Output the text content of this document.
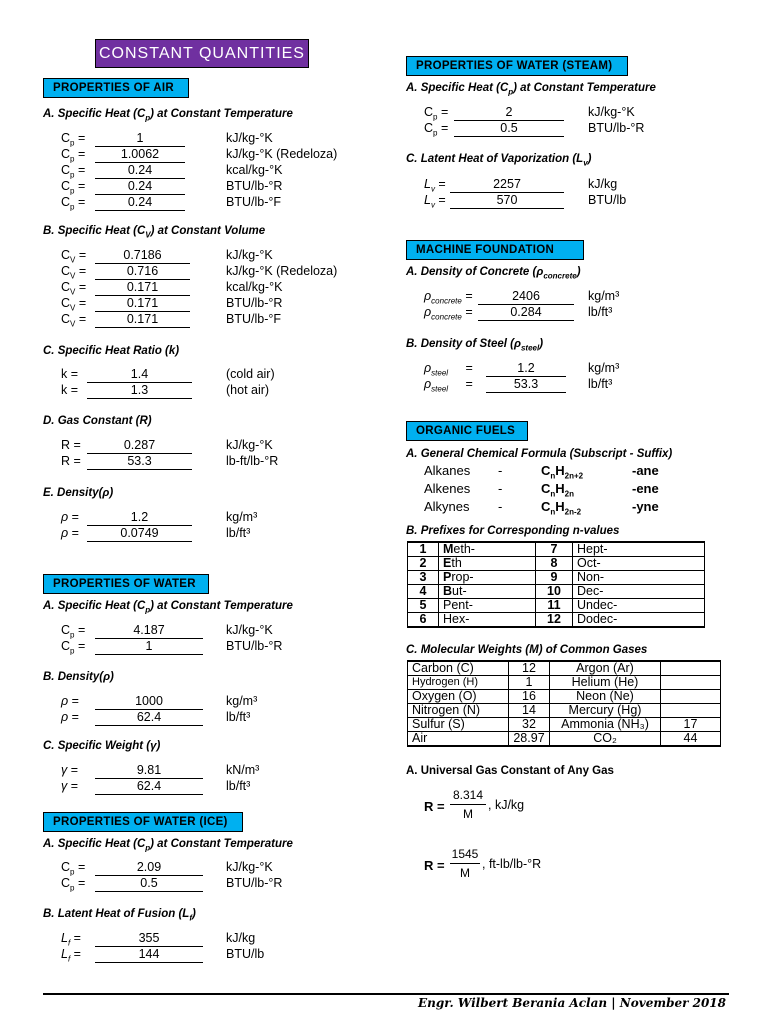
CONSTANT QUANTITIES
PROPERTIES OF AIR
A. Specific Heat $(C_p)$ at Constant Temperature
$C_p$ =	1	kJ/kg-°K
$C_p$ =	1.0062	kJ/kg-°K (Redeloza)
$C_p$ =	0.24	kcal/kg-°K
$C_p$ =	0.24	BTU/lb-°R
$C_p$ =	0.24	BTU/lb-°F
B. Specific Heat $(C_V)$ at Constant Volume
$C_V$ =	0.7186	kJ/kg-°K
$C_V$ =	0.716	kJ/kg-°K (Redeloza)
$C_V$ =	0.171	kcal/kg-°K
$C_V$ =	0.171	BTU/lb-°R
$C_V$ =	0.171	BTU/lb-°F
C. Specific Heat Ratio (k)
k =	1.4	(cold air)
k =	1.3	(hot air)
D. Gas Constant (R)
R =	0.287	kJ/kg-°K
R =	53.3	lb-ft/lb-°R
E. Density(ρ)
ρ =	1.2	kg/m³
ρ =	0.0749	lb/ft³
PROPERTIES OF WATER
A. Specific Heat $(C_p)$ at Constant Temperature
$C_p$ =	4.187	kJ/kg-°K
$C_p$ =	1	BTU/lb-°R
B. Density(ρ)
ρ =	1000	kg/m³
ρ =	62.4	lb/ft³
C. Specific Weight (γ)
γ =	9.81	kN/m³
γ =	62.4	lb/ft³
PROPERTIES OF WATER (ICE)
A. Specific Heat $(C_p)$ at Constant Temperature
$C_p$ =	2.09	kJ/kg-°K
$C_p$ =	0.5	BTU/lb-°R
B. Latent Heat of Fusion $(L_f)$
$L_f$ =	355	kJ/kg
$L_f$ =	144	BTU/lb
PROPERTIES OF WATER (STEAM)
A. Specific Heat $(C_p)$ at Constant Temperature
$C_p$ =	2	kJ/kg-°K
$C_p$ =	0.5	BTU/lb-°R
C. Latent Heat of Vaporization $(L_v)$
$L_v$ =	2257	kJ/kg
$L_v$ =	570	BTU/lb
MACHINE FOUNDATION
A. Density of Concrete $(\rho_{concrete})$
$\rho_{concrete}$ =	2406	kg/m³
$\rho_{concrete}$ =	0.284	lb/ft³
B. Density of Steel $(\rho_{steel})$
$\rho_{steel}$     =	1.2	kg/m³
$\rho_{steel}$     =	53.3	lb/ft³
ORGANIC FUELS
A. General Chemical Formula (Subscript - Suffix)
Alkanes -	$C_nH_{2n+2}$	-ane
Alkenes -	$C_nH_{2n}$	-ene
Alkynes -	$C_nH_{2n-2}$	-yne
B. Prefixes for Corresponding n-values
1	Meth-	7	Hept-
2	Eth	8	Oct-
3	Prop-	9	Non-
4	But-	10	Dec-
5	Pent-	11	Undec-
6	Hex-	12	Dodec-
C. Molecular Weights (M) of Common Gases
Carbon (C)	12	Argon (Ar)	
Hydrogen (H)	1	Helium (He)	
Oxygen (O)	16	Neon (Ne)	
Nitrogen (N)	14	Mercury (Hg)	
Sulfur (S)	32	Ammonia (NH₃)	17
Air	28.97	CO₂	44
A. Universal Gas Constant of Any Gas
R =
8.314
M
, kJ/kg
R =
1545
M
, ft-lb/lb-°R
Engr. Wilbert Berania Aclan | November 2018
